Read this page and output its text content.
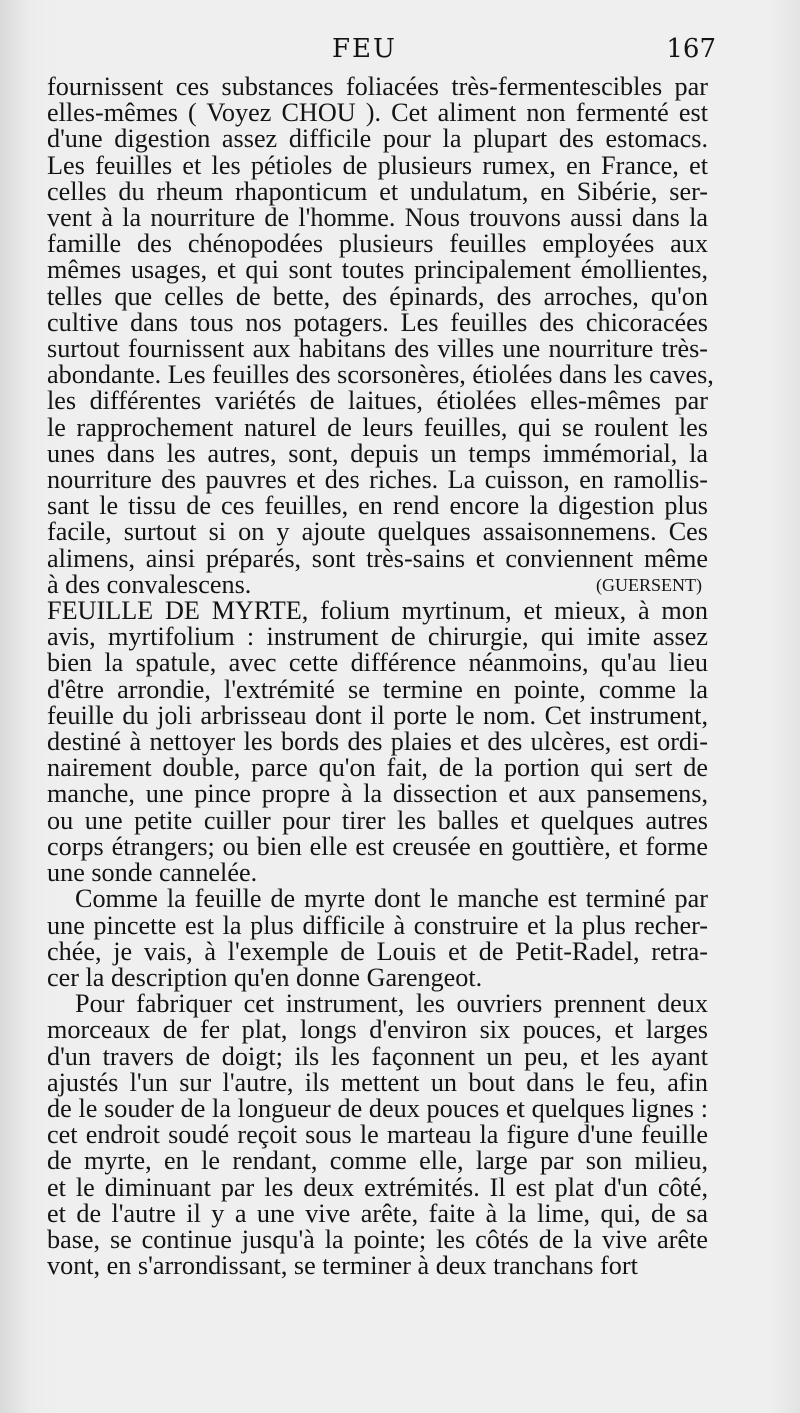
FEU	167
fournissent ces substances foliacées très-fermentescibles par
elles-mêmes ( Voyez CHOU ). Cet aliment non fermenté est
d'une digestion assez difficile pour la plupart des estomacs.
Les feuilles et les pétioles de plusieurs rumex, en France, et
celles du rheum rhaponticum et undulatum, en Sibérie, ser-
vent à la nourriture de l'homme. Nous trouvons aussi dans la
famille des chénopodées plusieurs feuilles employées aux
mêmes usages, et qui sont toutes principalement émollientes,
telles que celles de bette, des épinards, des arroches, qu'on
cultive dans tous nos potagers. Les feuilles des chicoracées
surtout fournissent aux habitans des villes une nourriture très-
abondante. Les feuilles des scorsonères, étiolées dans les caves,
les différentes variétés de laitues, étiolées elles-mêmes par
le rapprochement naturel de leurs feuilles, qui se roulent les
unes dans les autres, sont, depuis un temps immémorial, la
nourriture des pauvres et des riches. La cuisson, en ramollis-
sant le tissu de ces feuilles, en rend encore la digestion plus
facile, surtout si on y ajoute quelques assaisonnemens. Ces
alimens, ainsi préparés, sont très-sains et conviennent même
à des convalescens.	(GUERSENT)
FEUILLE DE MYRTE, folium myrtinum, et mieux, à mon
avis, myrtifolium : instrument de chirurgie, qui imite assez
bien la spatule, avec cette différence néanmoins, qu'au lieu
d'être arrondie, l'extrémité se termine en pointe, comme la
feuille du joli arbrisseau dont il porte le nom. Cet instrument,
destiné à nettoyer les bords des plaies et des ulcères, est ordi-
nairement double, parce qu'on fait, de la portion qui sert de
manche, une pince propre à la dissection et aux pansemens,
ou une petite cuiller pour tirer les balles et quelques autres
corps étrangers; ou bien elle est creusée en gouttière, et forme
une sonde cannelée.
Comme la feuille de myrte dont le manche est terminé par
une pincette est la plus difficile à construire et la plus recher-
chée, je vais, à l'exemple de Louis et de Petit-Radel, retra-
cer la description qu'en donne Garengeot.
Pour fabriquer cet instrument, les ouvriers prennent deux
morceaux de fer plat, longs d'environ six pouces, et larges
d'un travers de doigt; ils les façonnent un peu, et les ayant
ajustés l'un sur l'autre, ils mettent un bout dans le feu, afin
de le souder de la longueur de deux pouces et quelques lignes :
cet endroit soudé reçoit sous le marteau la figure d'une feuille
de myrte, en le rendant, comme elle, large par son milieu,
et le diminuant par les deux extrémités. Il est plat d'un côté,
et de l'autre il y a une vive arête, faite à la lime, qui, de sa
base, se continue jusqu'à la pointe; les côtés de la vive arête
vont, en s'arrondissant, se terminer à deux tranchans fort
